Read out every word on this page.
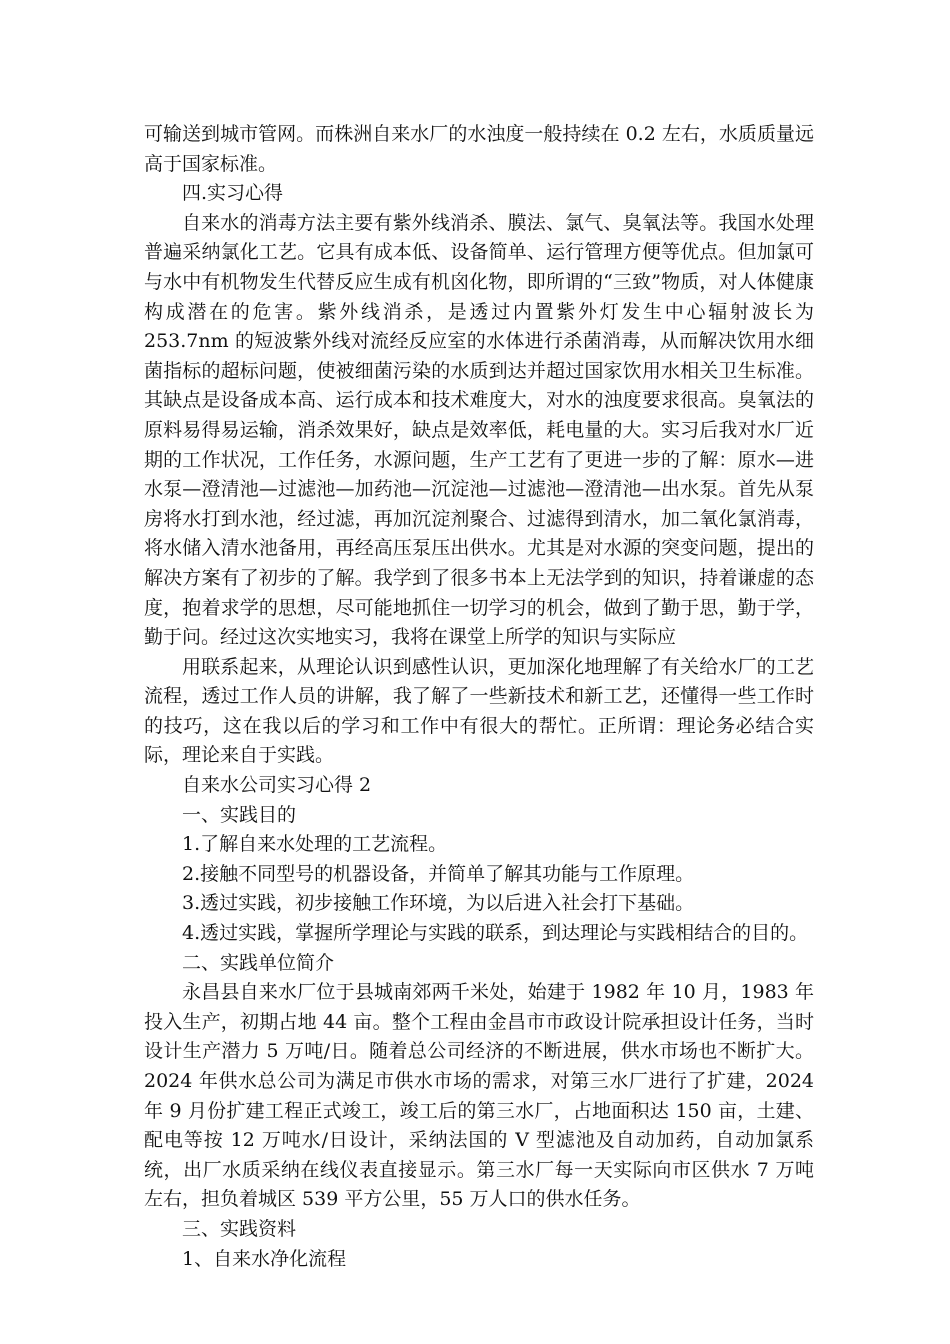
可输送到城市管网。而株洲自来水厂的水浊度一般持续在 0.2 左右，水质质量远高于国家标准。

四.实习心得

自来水的消毒方法主要有紫外线消杀、膜法、氯气、臭氧法等。我国水处理普遍采纳氯化工艺。它具有成本低、设备简单、运行管理方便等优点。但加氯可与水中有机物发生代替反应生成有机囟化物，即所谓的“三致”物质，对人体健康构成潜在的危害。紫外线消杀，是透过内置紫外灯发生中心辐射波长为 253.7nm 的短波紫外线对流经反应室的水体进行杀菌消毒，从而解决饮用水细菌指标的超标问题，使被细菌污染的水质到达并超过国家饮用水相关卫生标准。其缺点是设备成本高、运行成本和技术难度大，对水的浊度要求很高。臭氧法的原料易得易运输，消杀效果好，缺点是效率低，耗电量的大。实习后我对水厂近期的工作状况，工作任务，水源问题，生产工艺有了更进一步的了解：原水—进水泵—澄清池—过滤池—加药池—沉淀池—过滤池—澄清池—出水泵。首先从泵房将水打到水池，经过滤，再加沉淀剂聚合、过滤得到清水，加二氧化氯消毒，将水储入清水池备用，再经高压泵压出供水。尤其是对水源的突变问题，提出的解决方案有了初步的了解。我学到了很多书本上无法学到的知识，持着谦虚的态度，抱着求学的思想，尽可能地抓住一切学习的机会，做到了勤于思，勤于学，勤于问。经过这次实地实习，我将在课堂上所学的知识与实际应

用联系起来，从理论认识到感性认识，更加深化地理解了有关给水厂的工艺流程，透过工作人员的讲解，我了解了一些新技术和新工艺，还懂得一些工作时的技巧，这在我以后的学习和工作中有很大的帮忙。正所谓：理论务必结合实际，理论来自于实践。

自来水公司实习心得 2

一、实践目的

1.了解自来水处理的工艺流程。

2.接触不同型号的机器设备，并简单了解其功能与工作原理。

3.透过实践，初步接触工作环境，为以后进入社会打下基础。

4.透过实践，掌握所学理论与实践的联系，到达理论与实践相结合的目的。

二、实践单位简介

永昌县自来水厂位于县城南郊两千米处，始建于 1982 年 10 月，1983 年投入生产，初期占地 44 亩。整个工程由金昌市市政设计院承担设计任务，当时设计生产潜力 5 万吨/日。随着总公司经济的不断进展，供水市场也不断扩大。2024 年供水总公司为满足市供水市场的需求，对第三水厂进行了扩建，2024 年 9 月份扩建工程正式竣工，竣工后的第三水厂，占地面积达 150 亩，土建、配电等按 12 万吨水/日设计，采纳法国的 V 型滤池及自动加药，自动加氯系统，出厂水质采纳在线仪表直接显示。第三水厂每一天实际向市区供水 7 万吨左右，担负着城区 539 平方公里，55 万人口的供水任务。

三、实践资料

1、自来水净化流程
